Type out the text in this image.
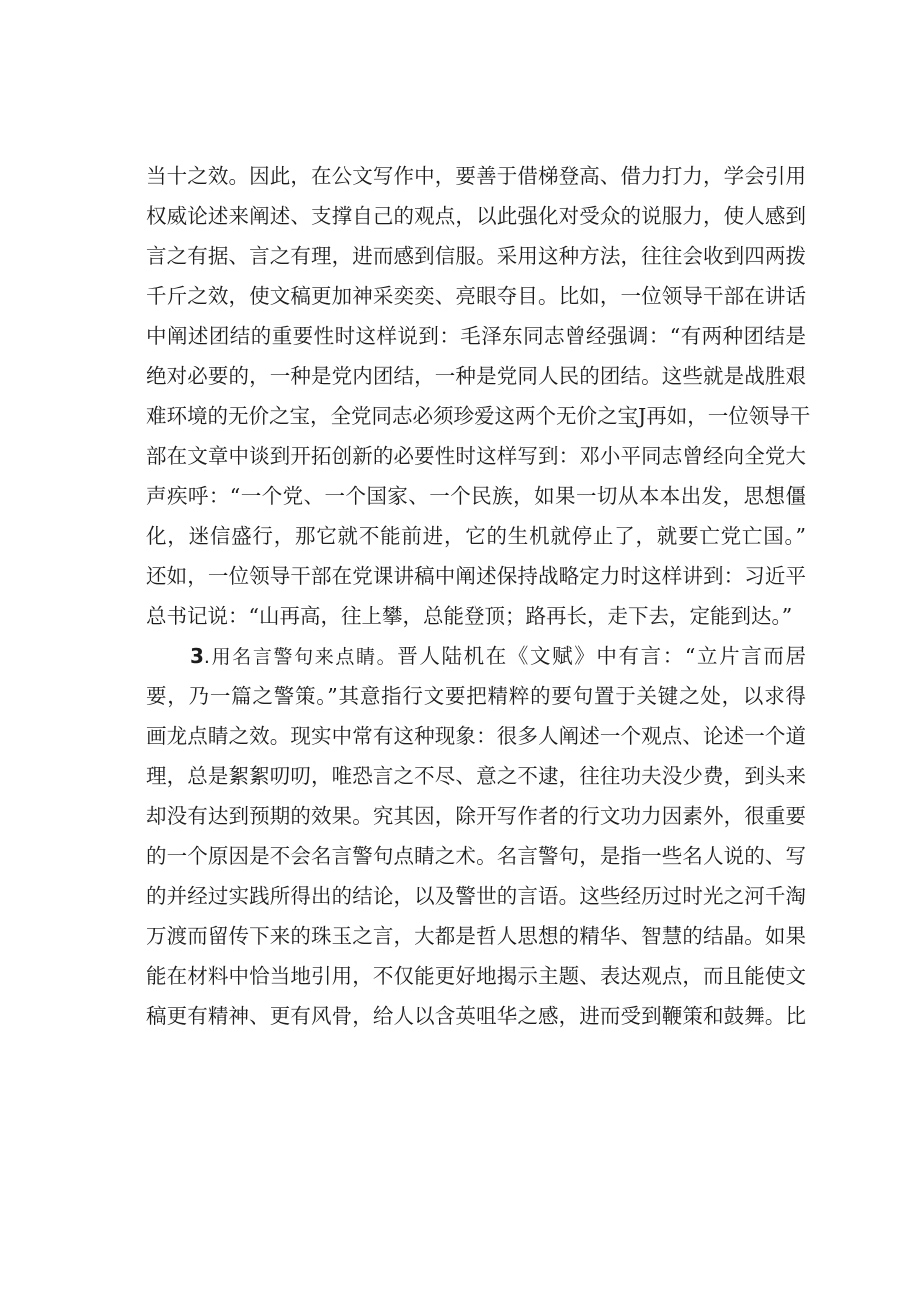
当十之效。因此，在公文写作中，要善于借梯登高、借力打力，学会引用
权威论述来阐述、支撑自己的观点，以此强化对受众的说服力，使人感到
言之有据、言之有理，进而感到信服。采用这种方法，往往会收到四两拨
千斤之效，使文稿更加神采奕奕、亮眼夺目。比如，一位领导干部在讲话
中阐述团结的重要性时这样说到：毛泽东同志曾经强调：“有两种团结是
绝对必要的，一种是党内团结，一种是党同人民的团结。这些就是战胜艰
难环境的无价之宝，全党同志必须珍爱这两个无价之宝J再如，一位领导干
部在文章中谈到开拓创新的必要性时这样写到：邓小平同志曾经向全党大
声疾呼：“一个党、一个国家、一个民族，如果一切从本本出发，思想僵
化，迷信盛行，那它就不能前进，它的生机就停止了，就要亡党亡国。”
还如，一位领导干部在党课讲稿中阐述保持战略定力时这样讲到：习近平
总书记说：“山再高，往上攀，总能登顶；路再长，走下去，定能到达。”
3.用名言警句来点睛。晋人陆机在《文赋》中有言：“立片言而居
要，乃一篇之警策。”其意指行文要把精粹的要句置于关键之处，以求得
画龙点睛之效。现实中常有这种现象：很多人阐述一个观点、论述一个道
理，总是絮絮叨叨，唯恐言之不尽、意之不逮，往往功夫没少费，到头来
却没有达到预期的效果。究其因，除开写作者的行文功力因素外，很重要
的一个原因是不会名言警句点睛之术。名言警句，是指一些名人说的、写
的并经过实践所得出的结论，以及警世的言语。这些经历过时光之河千淘
万渡而留传下来的珠玉之言，大都是哲人思想的精华、智慧的结晶。如果
能在材料中恰当地引用，不仅能更好地揭示主题、表达观点，而且能使文
稿更有精神、更有风骨，给人以含英咀华之感，进而受到鞭策和鼓舞。比
